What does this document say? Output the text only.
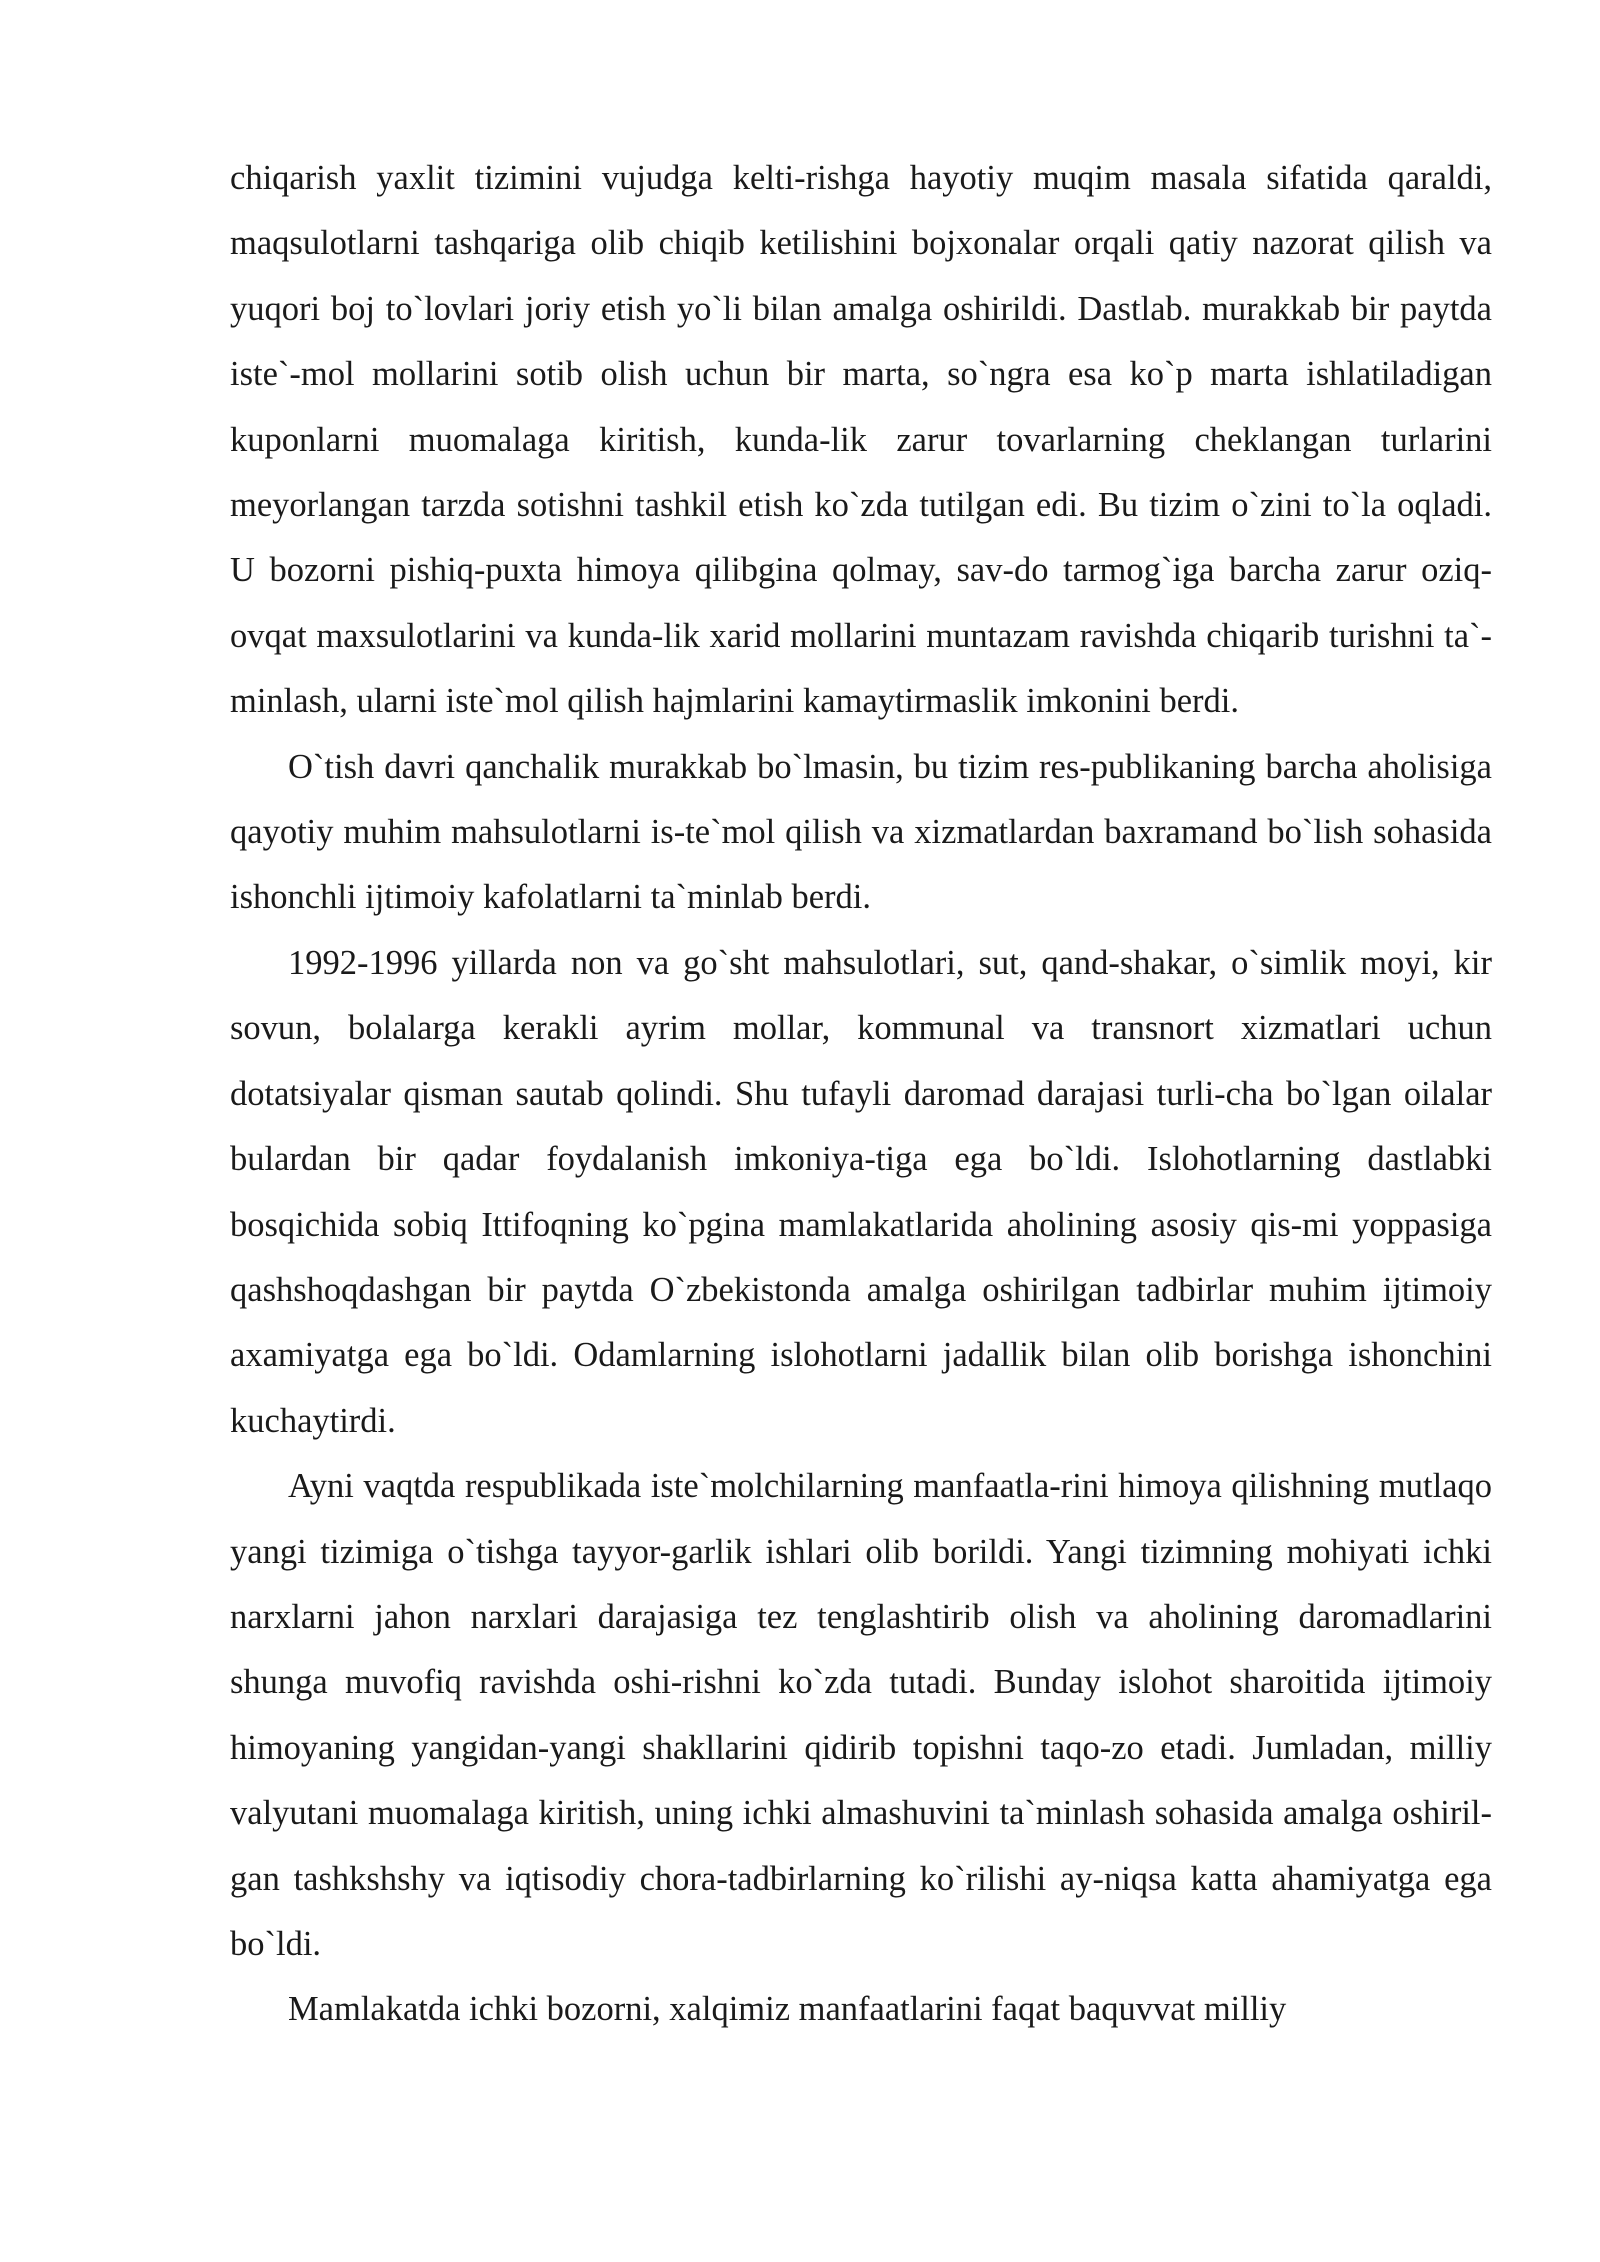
chiqarish yaxlit tizimini vujudga kelti-rishga hayotiy muqim masala sifatida qaraldi, maqsulotlarni tashqariga olib chiqib ketilishini bojxonalar orqali qatiy nazorat qilish va yuqori boj to`lovlari joriy etish yo`li bilan amalga oshirildi. Dastlab. murakkab bir paytda iste`-mol mollarini sotib olish uchun bir marta, so`ngra esa ko`p marta ishlatiladigan kuponlarni muomalaga kiritish, kunda-lik zarur tovarlarning cheklangan turlarini meyorlangan tarzda sotishni tashkil etish ko`zda tutilgan edi. Bu tizim o`zini to`la oqladi. U bozorni pishiq-puxta himoya qilibgina qolmay, sav-do tarmog`iga barcha zarur oziq-ovqat maxsulotlarini va kunda-lik xarid mollarini muntazam ravishda chiqarib turishni ta`-minlash, ularni iste`mol qilish hajmlarini kamaytirmaslik imkonini berdi.

O`tish davri qanchalik murakkab bo`lmasin, bu tizim res-publikaning barcha aholisiga qayotiy muhim mahsulotlarni is-te`mol qilish va xizmatlardan baxramand bo`lish sohasida ishonchli ijtimoiy kafolatlarni ta`minlab berdi.

1992-1996 yillarda non va go`sht mahsulotlari, sut, qand-shakar, o`simlik moyi, kir sovun, bolalarga kerakli ayrim mollar, kommunal va transnort xizmatlari uchun dotatsiyalar qisman sautab qolindi. Shu tufayli daromad darajasi turli-cha bo`lgan oilalar bulardan bir qadar foydalanish imkoniya-tiga ega bo`ldi. Islohotlarning dastlabki bosqichida sobiq Ittifoqning ko`pgina mamlakatlarida aholining asosiy qis-mi yoppasiga qashshoqdashgan bir paytda O`zbekistonda amalga oshirilgan tadbirlar muhim ijtimoiy axamiyatga ega bo`ldi. Odamlarning islohotlarni jadallik bilan olib borishga ishonchini kuchaytirdi.

Ayni vaqtda respublikada iste`molchilarning manfaatla-rini himoya qilishning mutlaqo yangi tizimiga o`tishga tayyor-garlik ishlari olib borildi. Yangi tizimning mohiyati ichki narxlarni jahon narxlari darajasiga tez tenglashtirib olish va aholining daromadlarini shunga muvofiq ravishda oshi-rishni ko`zda tutadi. Bunday islohot sharoitida ijtimoiy himoyaning yangidan-yangi shakllarini qidirib topishni taqo-zo etadi. Jumladan, milliy valyutani muomalaga kiritish, uning ichki almashuvini ta`minlash sohasida amalga oshiril-gan tashkshshy va iqtisodiy chora-tadbirlarning ko`rilishi ay-niqsa katta ahamiyatga ega bo`ldi.

Mamlakatda ichki bozorni, xalqimiz manfaatlarini faqat baquvvat milliy
